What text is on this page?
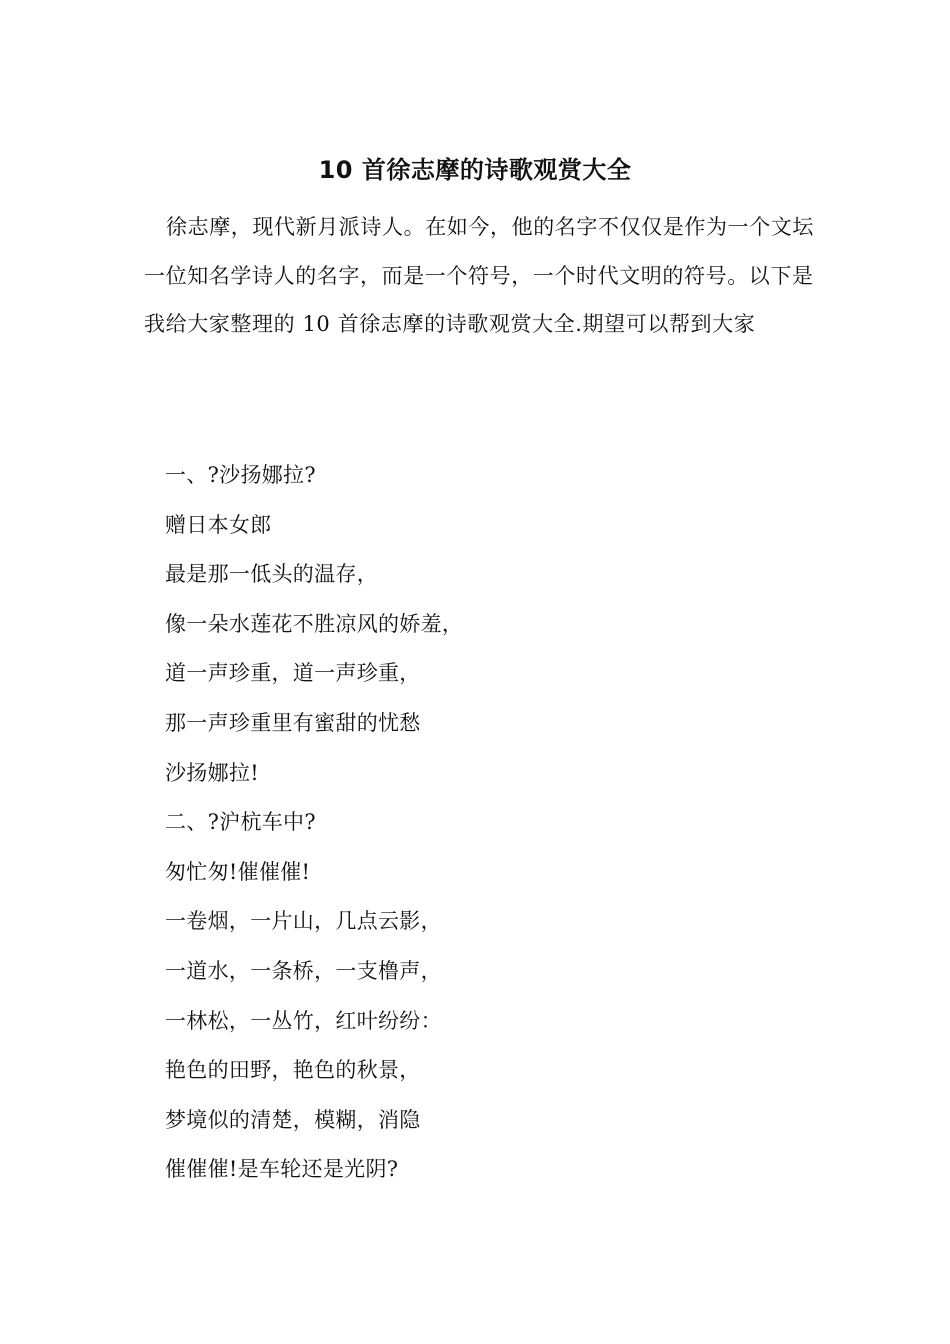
10 首徐志摩的诗歌观赏大全

徐志摩，现代新月派诗人。在如今，他的名字不仅仅是作为一个文坛一位知名学诗人的名字，而是一个符号，一个时代文明的符号。以下是我给大家整理的 10 首徐志摩的诗歌观赏大全.期望可以帮到大家

一、?沙扬娜拉?
赠日本女郎
最是那一低头的温存，
像一朵水莲花不胜凉风的娇羞，
道一声珍重，道一声珍重，
那一声珍重里有蜜甜的忧愁
沙扬娜拉!
二、?沪杭车中?
匆忙匆!催催催!
一卷烟，一片山，几点云影，
一道水，一条桥，一支橹声，
一林松，一丛竹，红叶纷纷：
艳色的田野，艳色的秋景，
梦境似的清楚，模糊，消隐
催催催!是车轮还是光阴?
